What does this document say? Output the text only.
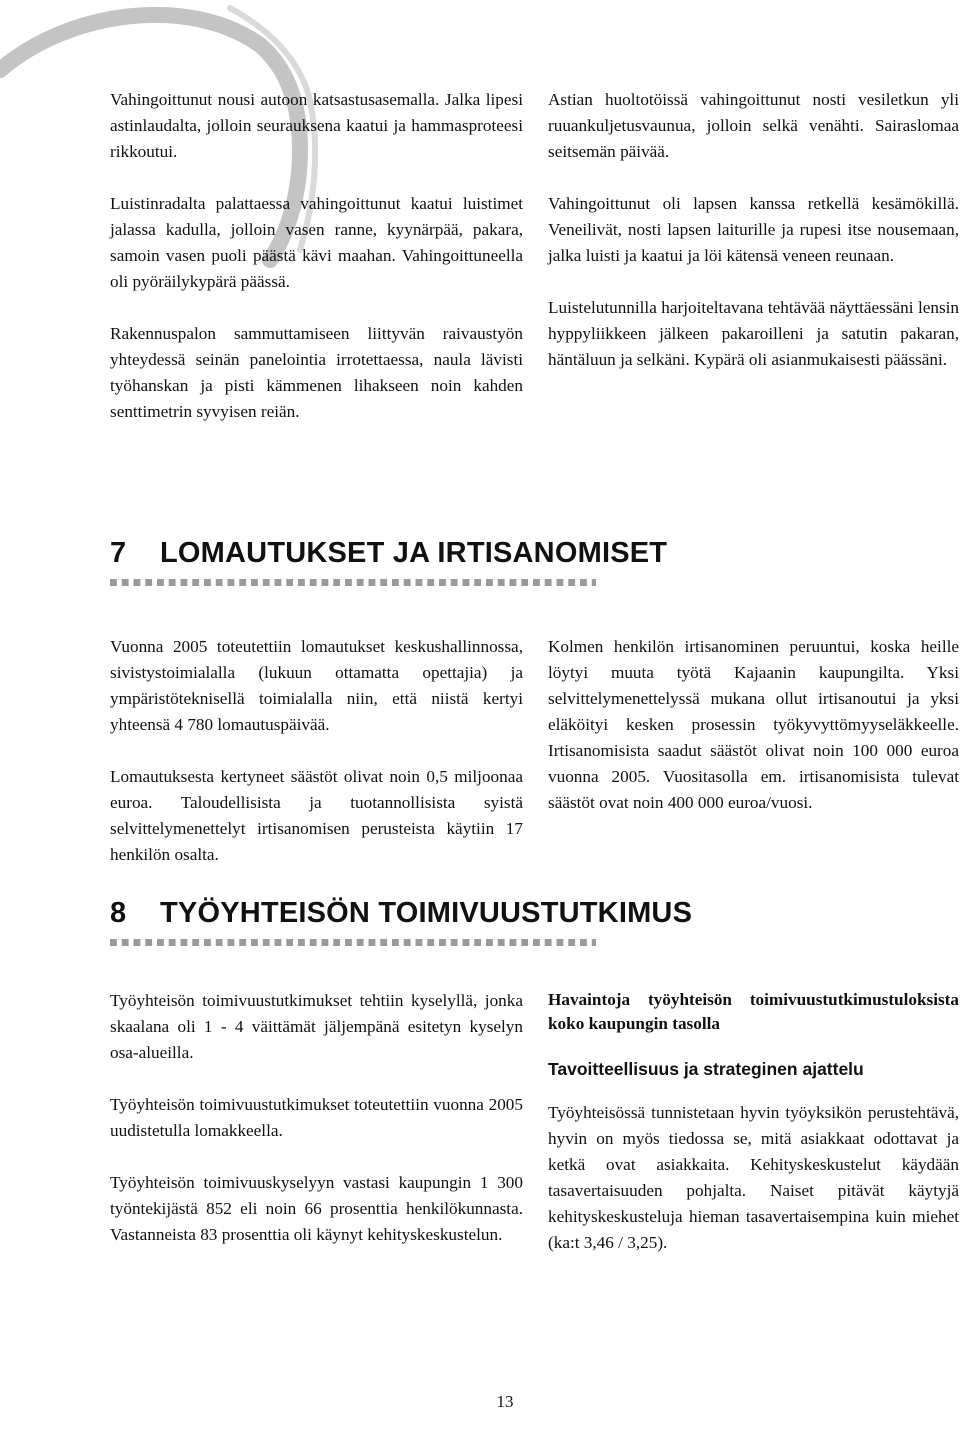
Vahingoittunut nousi autoon katsastusasemalla. Jalka lipesi astinlaudalta, jolloin seurauksena kaatui ja hammasproteesi rikkoutui.

Luistinradalta palattaessa vahingoittunut kaatui luistimet jalassa kadulla, jolloin vasen ranne, kyynärpää, pakara, samoin vasen puoli päästä kävi maahan. Vahingoittuneella oli pyöräilykypärä päässä.

Rakennuspalon sammuttamiseen liittyvän raivaustyön yhteydessä seinän panelointia irrotettaessa, naula lävisti työhanskan ja pisti kämmenen lihakseen noin kahden senttimetrin syvyisen reiän.

Astian huoltotöissä vahingoittunut nosti vesiletkun yli ruuankuljetusvaunua, jolloin selkä venähti. Sairaslomaa seitsemän päivää.

Vahingoittunut oli lapsen kanssa retkellä kesämökillä. Veneilivät, nosti lapsen laiturille ja rupesi itse nousemaan, jalka luisti ja kaatui ja löi kätensä veneen reunaan.

Luistelutunnilla harjoiteltavana tehtävää näyttäessäni lensin hyppyliikkeen jälkeen pakaroilleni ja satutin pakaran, häntäluun ja selkäni. Kypärä oli asianmukaisesti päässäni.

7 LOMAUTUKSET JA IRTISANOMISET

Vuonna 2005 toteutettiin lomautukset keskushallinnossa, sivistystoimialalla (lukuun ottamatta opettajia) ja ympäristöteknisellä toimialalla niin, että niistä kertyi yhteensä 4 780 lomautuspäivää.

Lomautuksesta kertyneet säästöt olivat noin 0,5 miljoonaa euroa. Taloudellisista ja tuotannollisista syistä selvittelymenettelyt irtisanomisen perusteista käytiin 17 henkilön osalta.

Kolmen henkilön irtisanominen peruuntui, koska heille löytyi muuta työtä Kajaanin kaupungilta. Yksi selvittelymenettelyssä mukana ollut irtisanoutui ja yksi eläköityi kesken prosessin työkyvyttömyyseläkkeelle. Irtisanomisista saadut säästöt olivat noin 100 000 euroa vuonna 2005. Vuositasolla em. irtisanomisista tulevat säästöt ovat noin 400 000 euroa/vuosi.

8 TYÖYHTEISÖN TOIMIVUUSTUTKIMUS

Työyhteisön toimivuustutkimukset tehtiin kyselyllä, jonka skaalana oli 1 - 4 väittämät jäljempänä esitetyn kyselyn osa-alueilla.

Työyhteisön toimivuustutkimukset toteutettiin vuonna 2005 uudistetulla lomakkeella.

Työyhteisön toimivuuskyselyyn vastasi kaupungin 1 300 työntekijästä 852 eli noin 66 prosenttia henkilökunnasta. Vastanneista 83 prosenttia oli käynyt kehityskeskustelun.

Havaintoja työyhteisön toimivuustutkimustuloksista koko kaupungin tasolla

Tavoitteellisuus ja strateginen ajattelu

Työyhteisössä tunnistetaan hyvin työyksikön perustehtävä, hyvin on myös tiedossa se, mitä asiakkaat odottavat ja ketkä ovat asiakkaita. Kehityskeskustelut käydään tasavertaisuuden pohjalta. Naiset pitävät käytyjä kehityskeskusteluja hieman tasavertaisempina kuin miehet (ka:t 3,46 / 3,25).

13
